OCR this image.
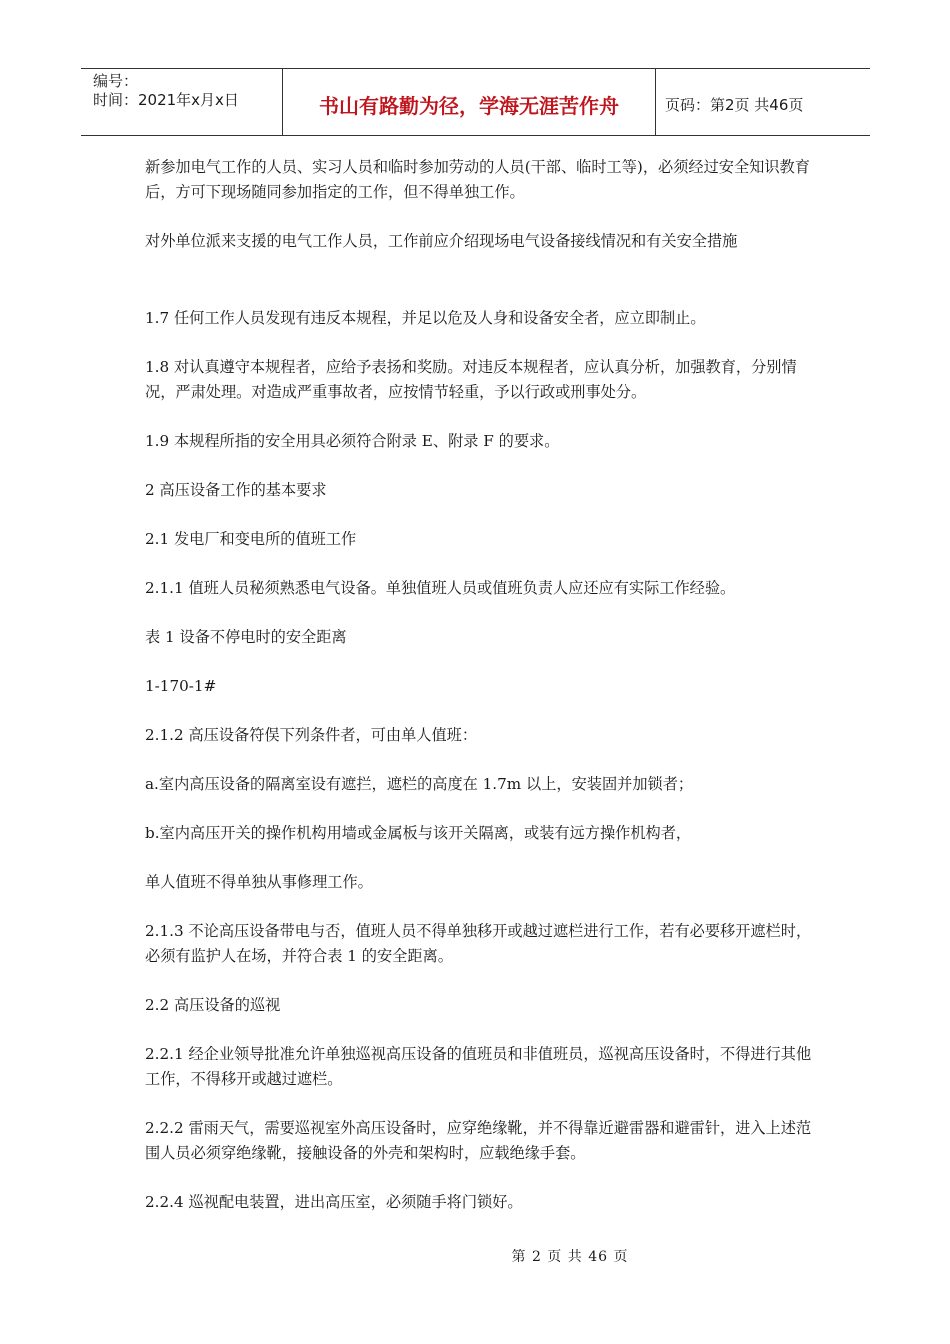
编号：
时间：2021年x月x日	书山有路勤为径，学海无涯苦作舟	页码：第2页 共46页

新参加电气工作的人员、实习人员和临时参加劳动的人员(干部、临时工等)，必须经过安全知识教育后，方可下现场随同参加指定的工作，但不得单独工作。

对外单位派来支援的电气工作人员，工作前应介绍现场电气设备接线情况和有关安全措施

1.7 任何工作人员发现有违反本规程，并足以危及人身和设备安全者，应立即制止。

1.8 对认真遵守本规程者，应给予表扬和奖励。对违反本规程者，应认真分析，加强教育，分别情况，严肃处理。对造成严重事故者，应按情节轻重，予以行政或刑事处分。

1.9 本规程所指的安全用具必须符合附录 E、附录 F 的要求。

2 高压设备工作的基本要求

2.1 发电厂和变电所的值班工作

2.1.1 值班人员秘须熟悉电气设备。单独值班人员或值班负责人应还应有实际工作经验。

表 1 设备不停电时的安全距离

1-170-1#

2.1.2 高压设备符俣下列条件者，可由单人值班：

a.室内高压设备的隔离室设有遮拦，遮栏的高度在 1.7m 以上，安装固并加锁者；

b.室内高压开关的操作机构用墙或金属板与该开关隔离，或装有远方操作机构者，

单人值班不得单独从事修理工作。

2.1.3 不论高压设备带电与否，值班人员不得单独移开或越过遮栏进行工作，若有必要移开遮栏时，必须有监护人在场，并符合表 1 的安全距离。

2.2 高压设备的巡视

2.2.1 经企业领导批准允许单独巡视高压设备的值班员和非值班员，巡视高压设备时，不得进行其他工作，不得移开或越过遮栏。

2.2.2 雷雨天气，需要巡视室外高压设备时，应穿绝缘靴，并不得靠近避雷器和避雷针，进入上述范围人员必须穿绝缘靴，接触设备的外壳和架构时，应载绝缘手套。

2.2.4 巡视配电装置，进出高压室，必须随手将门锁好。

第 2 页 共 46 页
